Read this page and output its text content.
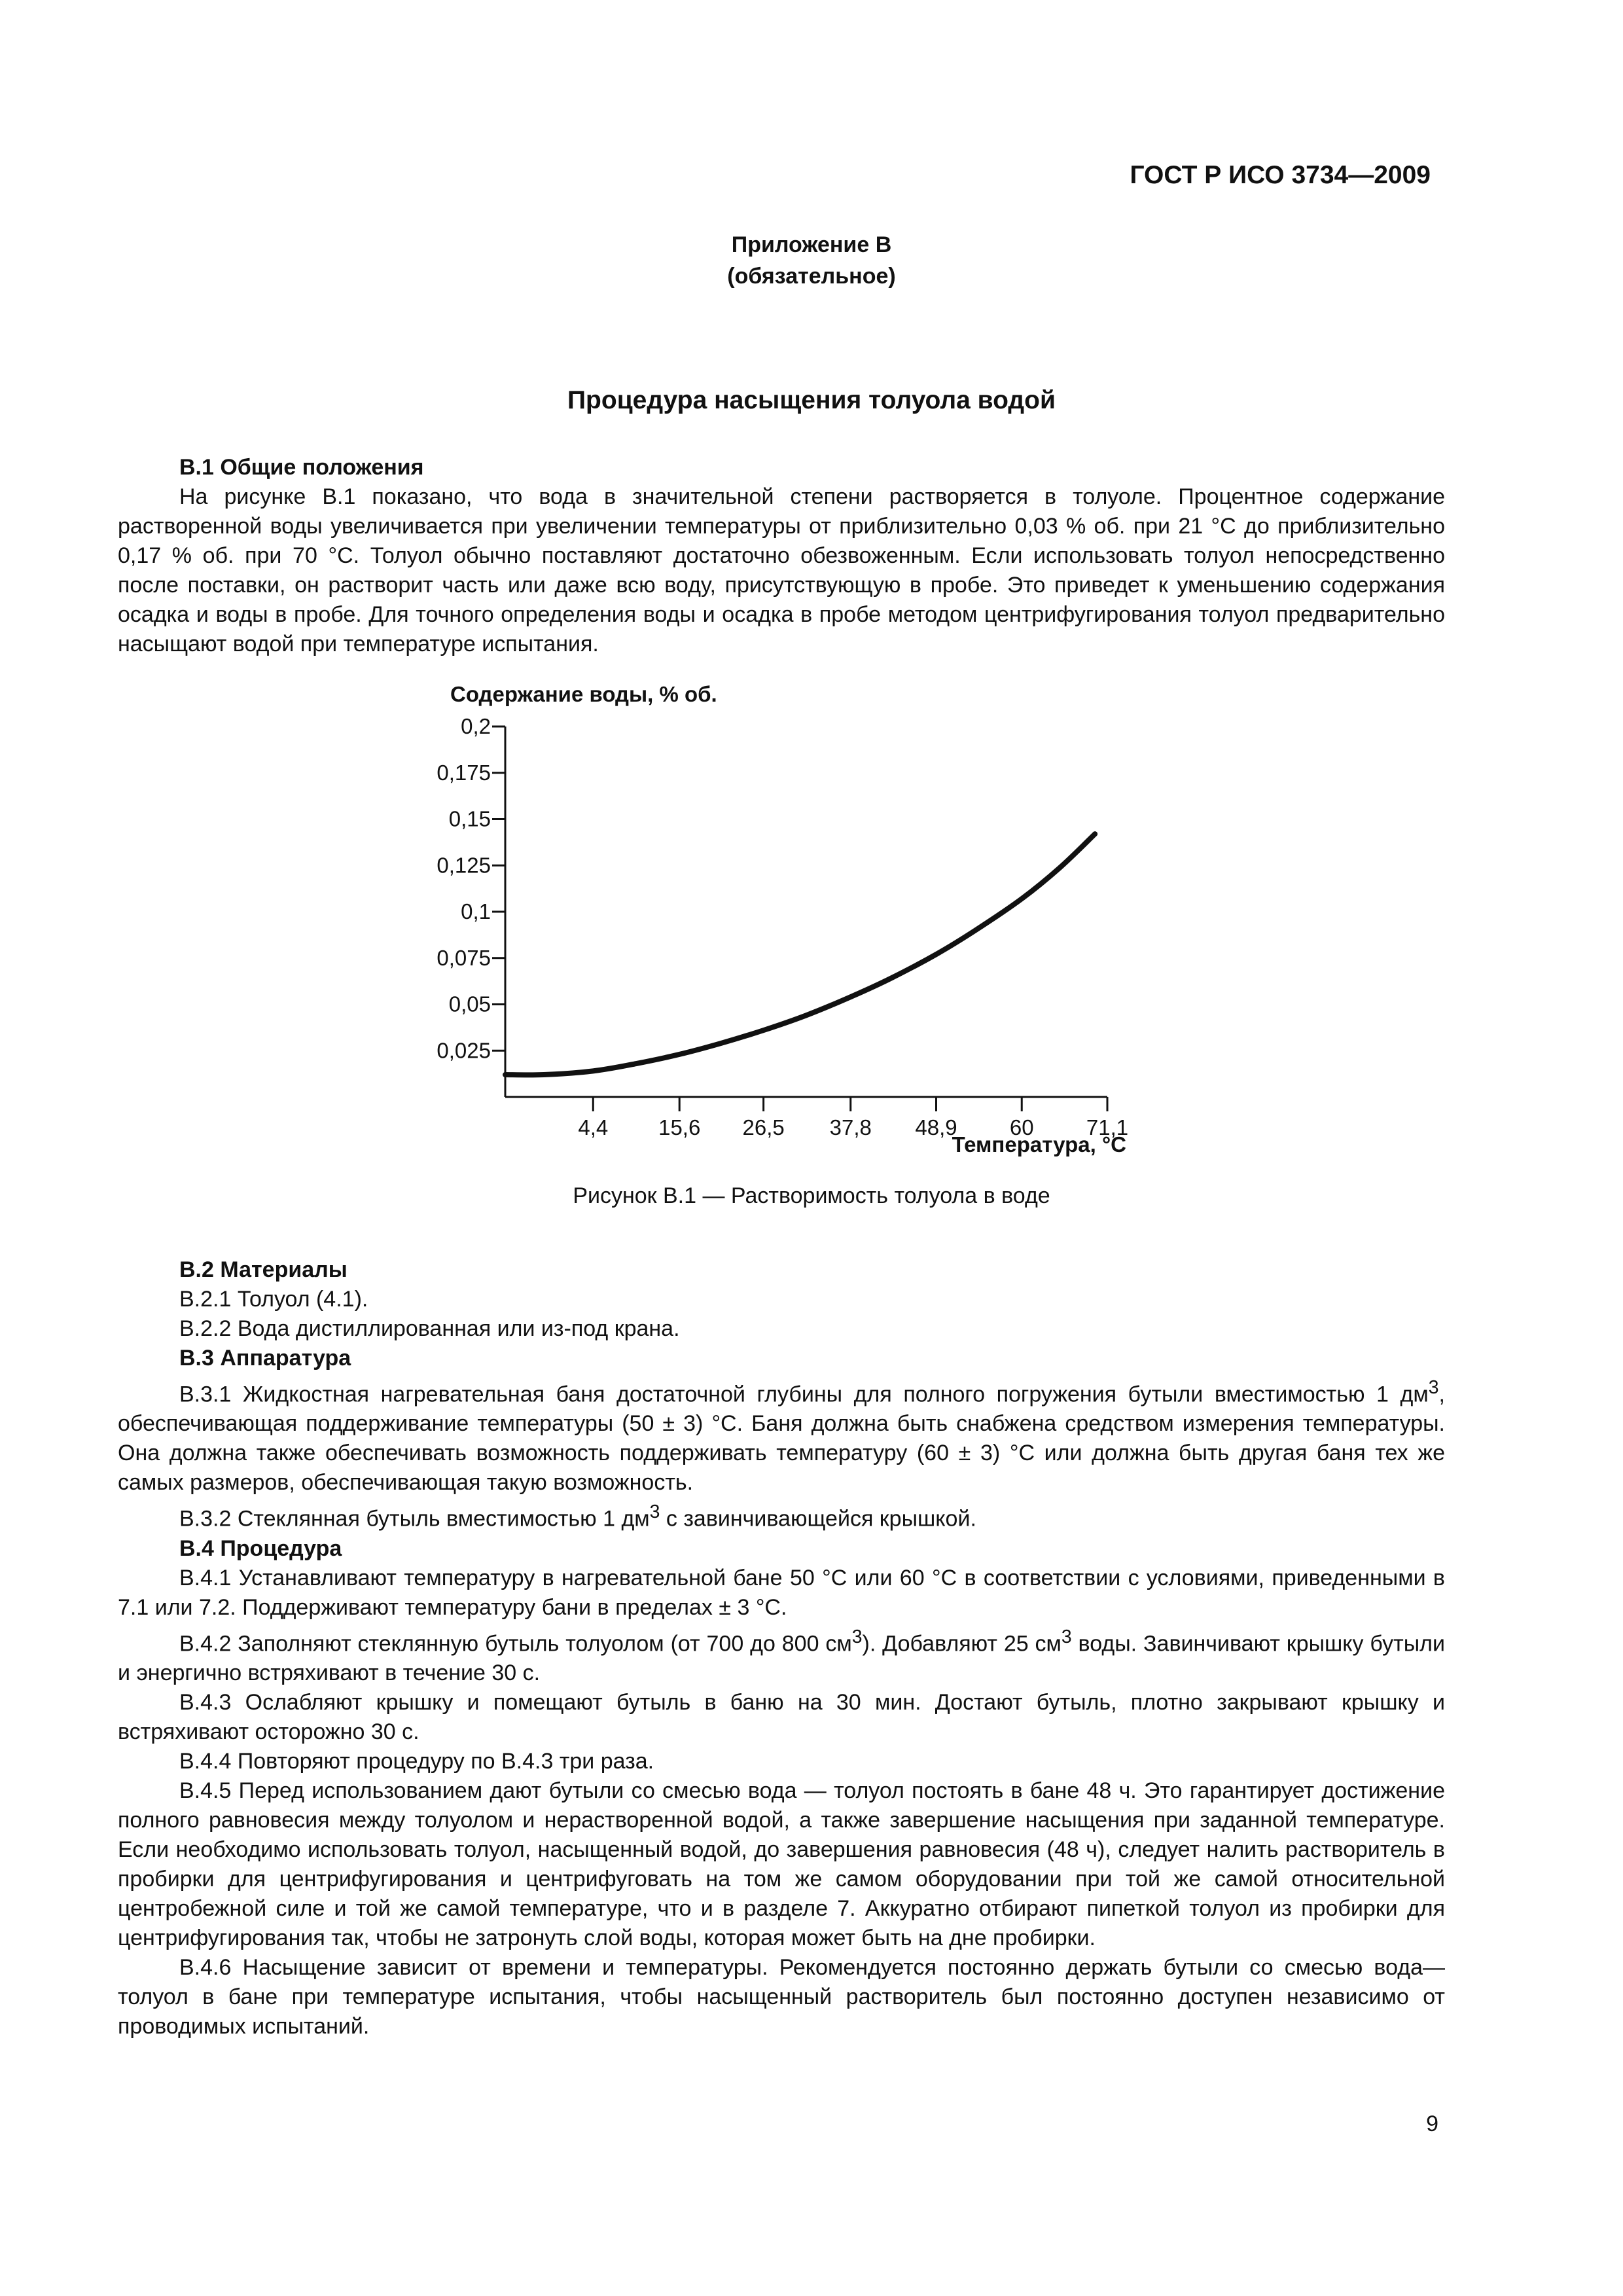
ГОСТ Р ИСО 3734—2009
Приложение В
(обязательное)
Процедура насыщения толуола водой

В.1 Общие положения

На рисунке В.1 показано, что вода в значительной степени растворяется в толуоле. Процентное содержание растворенной воды увеличивается при увеличении температуры от приблизительно 0,03 % об. при 21 °С до приблизительно 0,17 % об. при 70 °С. Толуол обычно поставляют достаточно обезвоженным. Если использовать толуол непосредственно после поставки, он растворит часть или даже всю воду, присутствующую в пробе. Это приведет к уменьшению содержания осадка и воды в пробе. Для точного определения воды и осадка в пробе методом центрифугирования толуол предварительно насыщают водой при температуре испытания.

Содержание воды, % об.
Температура, °С
0,2
0,175
0,15
0,125
0,1
0,075
0,05
0,025
4,4 15,6 26,5 37,8 48,9 60 71,1
Рисунок В.1 — Растворимость толуола в воде

В.2 Материалы

В.2.1 Толуол (4.1).

В.2.2 Вода дистиллированная или из-под крана.

В.3 Аппаратура

В.3.1 Жидкостная нагревательная баня достаточной глубины для полного погружения бутыли вместимостью 1 $дм^3$, обеспечивающая поддерживание температуры (50 ± 3) °С. Баня должна быть снабжена средством измерения температуры. Она должна также обеспечивать возможность поддерживать температуру (60 ± 3) °С или должна быть другая баня тех же самых размеров, обеспечивающая такую возможность.

В.3.2 Стеклянная бутыль вместимостью 1 $дм^3$ с завинчивающейся крышкой.

В.4 Процедура

В.4.1 Устанавливают температуру в нагревательной бане 50 °С или 60 °С в соответствии с условиями, приведенными в 7.1 или 7.2. Поддерживают температуру бани в пределах ± 3 °С.

В.4.2 Заполняют стеклянную бутыль толуолом (от 700 до 800 $см^3$). Добавляют 25 $см^3$ воды. Завинчивают крышку бутыли и энергично встряхивают в течение 30 с.

В.4.3 Ослабляют крышку и помещают бутыль в баню на 30 мин. Достают бутыль, плотно закрывают крышку и встряхивают осторожно 30 с.

В.4.4 Повторяют процедуру по В.4.3 три раза.

В.4.5 Перед использованием дают бутыли со смесью вода — толуол постоять в бане 48 ч. Это гарантирует достижение полного равновесия между толуолом и нерастворенной водой, а также завершение насыщения при заданной температуре. Если необходимо использовать толуол, насыщенный водой, до завершения равновесия (48 ч), следует налить растворитель в пробирки для центрифугирования и центрифуговать на том же самом оборудовании при той же самой относительной центробежной силе и той же самой температуре, что и в разделе 7. Аккуратно отбирают пипеткой толуол из пробирки для центрифугирования так, чтобы не затронуть слой воды, которая может быть на дне пробирки.

В.4.6 Насыщение зависит от времени и температуры. Рекомендуется постоянно держать бутыли со смесью вода—толуол в бане при температуре испытания, чтобы насыщенный растворитель был постоянно доступен независимо от проводимых испытаний.

9
